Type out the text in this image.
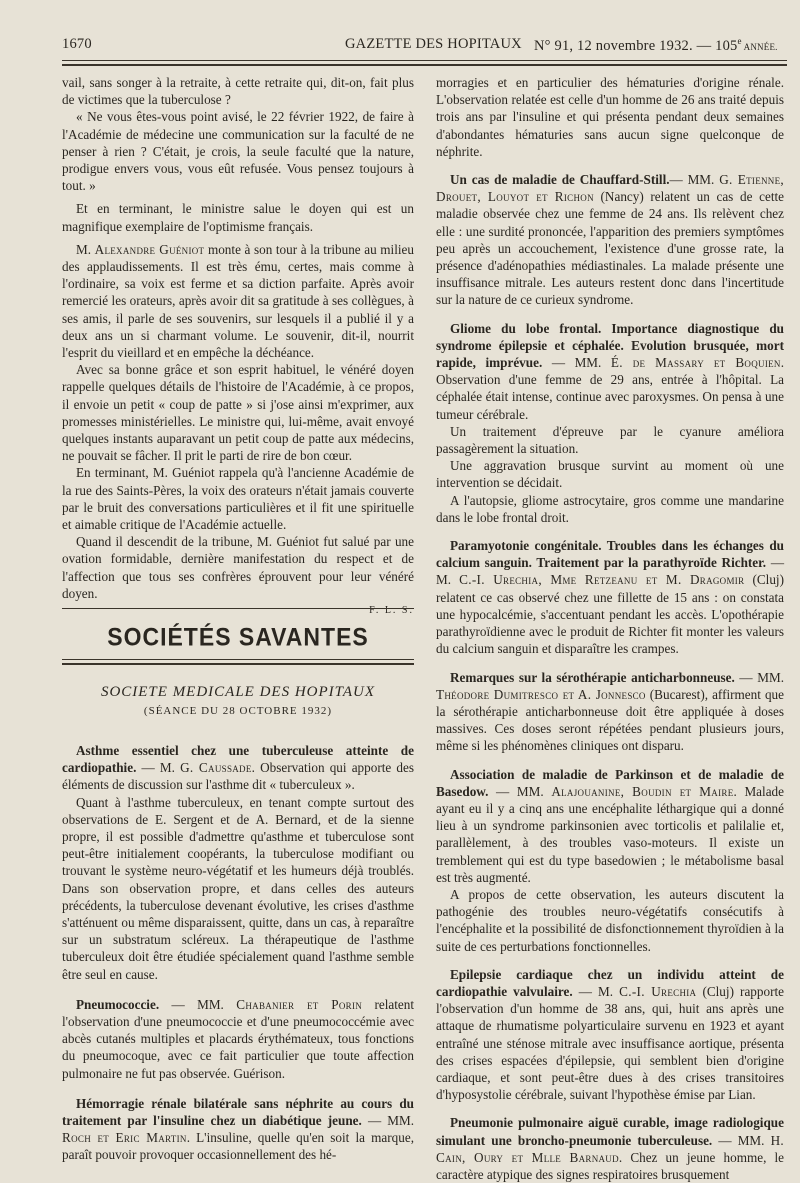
1670	GAZETTE DES HOPITAUX N° 91, 12 novembre 1932. — 105e ANNÉE.

vail, sans songer à la retraite, à cette retraite qui, dit-on, fait plus de victimes que la tuberculose ?

« Ne vous êtes-vous point avisé, le 22 février 1922, de faire à l'Académie de médecine une communication sur la faculté de ne penser à rien ? C'était, je crois, la seule faculté que la nature, prodigue envers vous, vous eût refusée. Vous pensez toujours à tout. »

Et en terminant, le ministre salue le doyen qui est un magnifique exemplaire de l'optimisme français.

M. Alexandre Guéniot monte à son tour à la tribune au milieu des applaudissements. Il est très ému, certes, mais comme à l'ordinaire, sa voix est ferme et sa diction parfaite. Après avoir remercié les orateurs, après avoir dit sa gratitude à ses collègues, à ses amis, il parle de ses souvenirs, sur lesquels il a publié il y a deux ans un si charmant volume. Le souvenir, dit-il, nourrit l'esprit du vieillard et en empêche la déchéance.

Avec sa bonne grâce et son esprit habituel, le vénéré doyen rappelle quelques détails de l'histoire de l'Académie, à ce propos, il envoie un petit « coup de patte » si j'ose ainsi m'exprimer, aux promesses ministérielles. Le ministre qui, lui-même, avait envoyé quelques instants auparavant un petit coup de patte aux médecins, ne pouvait se fâcher. Il prit le parti de rire de bon cœur.

En terminant, M. Guéniot rappela qu'à l'ancienne Académie de la rue des Saints-Pères, la voix des orateurs n'était jamais couverte par le bruit des conversations particulières et il fit une spirituelle et aimable critique de l'Académie actuelle.

Quand il descendit de la tribune, M. Guéniot fut salué par une ovation formidable, dernière manifestation du respect et de l'affection que tous ses confrères éprouvent pour leur vénéré doyen.

F. L. S.

SOCIÉTÉS SAVANTES
SOCIETE MEDICALE DES HOPITAUX
(SÉANCE DU 28 OCTOBRE 1932)

Asthme essentiel chez une tuberculeuse atteinte de cardiopathie. — M. G. Caussade. Observation qui apporte des éléments de discussion sur l'asthme dit « tuberculeux ».

Quant à l'asthme tuberculeux, en tenant compte surtout des observations de E. Sergent et de A. Bernard, et de la sienne propre, il est possible d'admettre qu'asthme et tuberculose sont peut-être initialement coopérants, la tuberculose modifiant ou trouvant le système neuro-végétatif et les humeurs déjà troublés. Dans son observation propre, et dans celles des auteurs précédents, la tuberculose devenant évolutive, les crises d'asthme s'atténuent ou même disparaissent, quitte, dans un cas, à reparaître sur un substratum scléreux. La thérapeutique de l'asthme tuberculeux doit être étudiée spécialement quand l'asthme semble être seul en cause.

Pneumococcie. — MM. Chabanier et Porin relatent l'observation d'une pneumococcie et d'une pneumococcémie avec abcès cutanés multiples et placards érythémateux, tous fonctions du pneumocoque, avec ce fait particulier que toute affection pulmonaire ne fut pas observée. Guérison.

Hémorragie rénale bilatérale sans néphrite au cours du traitement par l'insuline chez un diabétique jeune. — MM. Roch et Eric Martin. L'insuline, quelle qu'en soit la marque, paraît pouvoir provoquer occasionnellement des hé-

morragies et en particulier des hématuries d'origine rénale. L'observation relatée est celle d'un homme de 26 ans traité depuis trois ans par l'insuline et qui présenta pendant deux semaines d'abondantes hématuries sans aucun signe quelconque de néphrite.

Un cas de maladie de Chauffard-Still.— MM. G. Etienne, Drouet, Louyot et Richon (Nancy) relatent un cas de cette maladie observée chez une femme de 24 ans. Ils relèvent chez elle : une surdité prononcée, l'apparition des premiers symptômes peu après un accouchement, l'existence d'une grosse rate, la présence d'adénopathies médiastinales. La malade présente une insuffisance mitrale. Les auteurs restent donc dans l'incertitude sur la nature de ce curieux syndrome.

Gliome du lobe frontal. Importance diagnostique du syndrome épilepsie et céphalée. Evolution brusquée, mort rapide, imprévue. — MM. É. de Massary et Boquien. Observation d'une femme de 29 ans, entrée à l'hôpital. La céphalée était intense, continue avec paroxysmes. On pensa à une tumeur cérébrale.

Un traitement d'épreuve par le cyanure améliora passagèrement la situation.

Une aggravation brusque survint au moment où une intervention se décidait.

A l'autopsie, gliome astrocytaire, gros comme une mandarine dans le lobe frontal droit.

Paramyotonie congénitale. Troubles dans les échanges du calcium sanguin. Traitement par la parathyroïde Richter. — M. C.-I. Urechia, Mme Retzeanu et M. Dragomir (Cluj) relatent ce cas observé chez une fillette de 15 ans : on constata une hypocalcémie, s'accentuant pendant les accès. L'opothérapie parathyroïdienne avec le produit de Richter fit monter les valeurs du calcium sanguin et disparaître les crampes.

Remarques sur la sérothérapie anticharbonneuse. — MM. Théodore Dumitresco et A. Jonnesco (Bucarest), affirment que la sérothérapie anticharbonneuse doit être appliquée à doses massives. Ces doses seront répétées pendant plusieurs jours, même si les phénomènes cliniques ont disparu.

Association de maladie de Parkinson et de maladie de Basedow. — MM. Alajouanine, Boudin et Maire. Malade ayant eu il y a cinq ans une encéphalite léthargique qui a donné lieu à un syndrome parkinsonien avec torticolis et palilalie et, parallèlement, à des troubles vaso-moteurs. Il existe un tremblement qui est du type basedowien ; le métabolisme basal est très augmenté.

A propos de cette observation, les auteurs discutent la pathogénie des troubles neuro-végétatifs consécutifs à l'encéphalite et la possibilité de disfonctionnement thyroïdien à la suite de ces perturbations fonctionnelles.

Epilepsie cardiaque chez un individu atteint de cardiopathie valvulaire. — M. C.-I. Urechia (Cluj) rapporte l'observation d'un homme de 38 ans, qui, huit ans après une attaque de rhumatisme polyarticulaire survenu en 1923 et ayant entraîné une sténose mitrale avec insuffisance aortique, présenta des crises espacées d'épilepsie, qui semblent bien d'origine cardiaque, et sont peut-être dues à des crises transitoires d'hyposystolie cérébrale, suivant l'hypothèse émise par Lian.

Pneumonie pulmonaire aiguë curable, image radiologique simulant une broncho-pneumonie tuberculeuse. — MM. H. Cain, Oury et Mlle Barnaud. Chez un jeune homme, le caractère atypique des signes respiratoires brusquement
